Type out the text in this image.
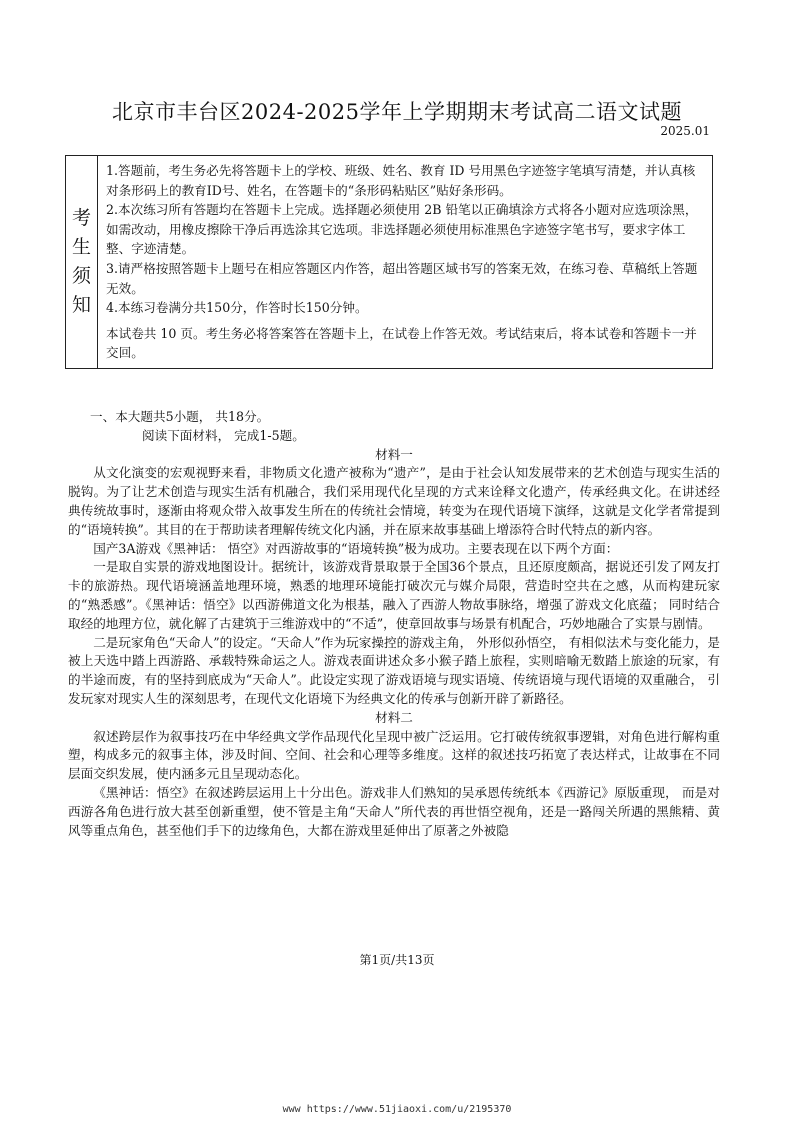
北京市丰台区2024-2025学年上学期期末考试高二语文试题
2025.01
考
生
须
知

1.答题前，考生务必先将答题卡上的学校、班级、姓名、教育 ID 号用黑色字迹签字笔填写清楚，并认真核对条形码上的教育ID号、姓名，在答题卡的“条形码粘贴区”贴好条形码。

2.本次练习所有答题均在答题卡上完成。选择题必须使用 2B 铅笔以正确填涂方式将各小题对应选项涂黑，如需改动，用橡皮擦除干净后再选涂其它选项。非选择题必须使用标准黑色字迹签字笔书写，要求字体工整、字迹清楚。

3.请严格按照答题卡上题号在相应答题区内作答，超出答题区域书写的答案无效，在练习卷、草稿纸上答题无效。

4.本练习卷满分共150分，作答时长150分钟。

本试卷共 10 页。考生务必将答案答在答题卡上，在试卷上作答无效。考试结束后，将本试卷和答题卡一并交回。

一、本大题共5小题， 共18分。

阅读下面材料， 完成1-5题。

材料一

从文化演变的宏观视野来看，非物质文化遗产被称为“遗产”，是由于社会认知发展带来的艺术创造与现实生活的脱钩。为了让艺术创造与现实生活有机融合，我们采用现代化呈现的方式来诠释文化遗产，传承经典文化。在讲述经典传统故事时，逐渐由将观众带入故事发生所在的传统社会情境，转变为在现代语境下演绎，这就是文化学者常提到的“语境转换”。其目的在于帮助读者理解传统文化内涵，并在原来故事基础上增添符合时代特点的新内容。

国产3A游戏《黑神话： 悟空》对西游故事的“语境转换”极为成功。主要表现在以下两个方面：

一是取自实景的游戏地图设计。据统计，该游戏背景取景于全国36个景点，且还原度颇高，据说还引发了网友打卡的旅游热。现代语境涵盖地理环境，熟悉的地理环境能打破次元与媒介局限，营造时空共在之感，从而构建玩家的“熟悉感”。《黑神话：悟空》以西游佛道文化为根基，融入了西游人物故事脉络，增强了游戏文化底蕴； 同时结合取经的地理方位，就化解了古建筑于三维游戏中的“不适”，使章回故事与场景有机配合，巧妙地融合了实景与剧情。

二是玩家角色“天命人”的设定。“天命人”作为玩家操控的游戏主角， 外形似孙悟空， 有相似法术与变化能力，是被上天选中踏上西游路、承载特殊命运之人。游戏表面讲述众多小猴子踏上旅程，实则暗喻无数踏上旅途的玩家，有的半途而废，有的坚持到底成为“天命人”。此设定实现了游戏语境与现实语境、传统语境与现代语境的双重融合， 引发玩家对现实人生的深刻思考，在现代文化语境下为经典文化的传承与创新开辟了新路径。

材料二

叙述跨层作为叙事技巧在中华经典文学作品现代化呈现中被广泛运用。它打破传统叙事逻辑，对角色进行解构重塑，构成多元的叙事主体，涉及时间、空间、社会和心理等多维度。这样的叙述技巧拓宽了表达样式，让故事在不同层面交织发展，使内涵多元且呈现动态化。

《黑神话：悟空》在叙述跨层运用上十分出色。游戏非人们熟知的吴承恩传统纸本《西游记》原版重现， 而是对西游各角色进行放大甚至创新重塑，使不管是主角“天命人”所代表的再世悟空视角，还是一路闯关所遇的黑熊精、黄风等重点角色，甚至他们手下的边缘角色，大都在游戏里延伸出了原著之外被隐

第1页/共13页
www https://www.51jiaoxi.com/u/2195370
